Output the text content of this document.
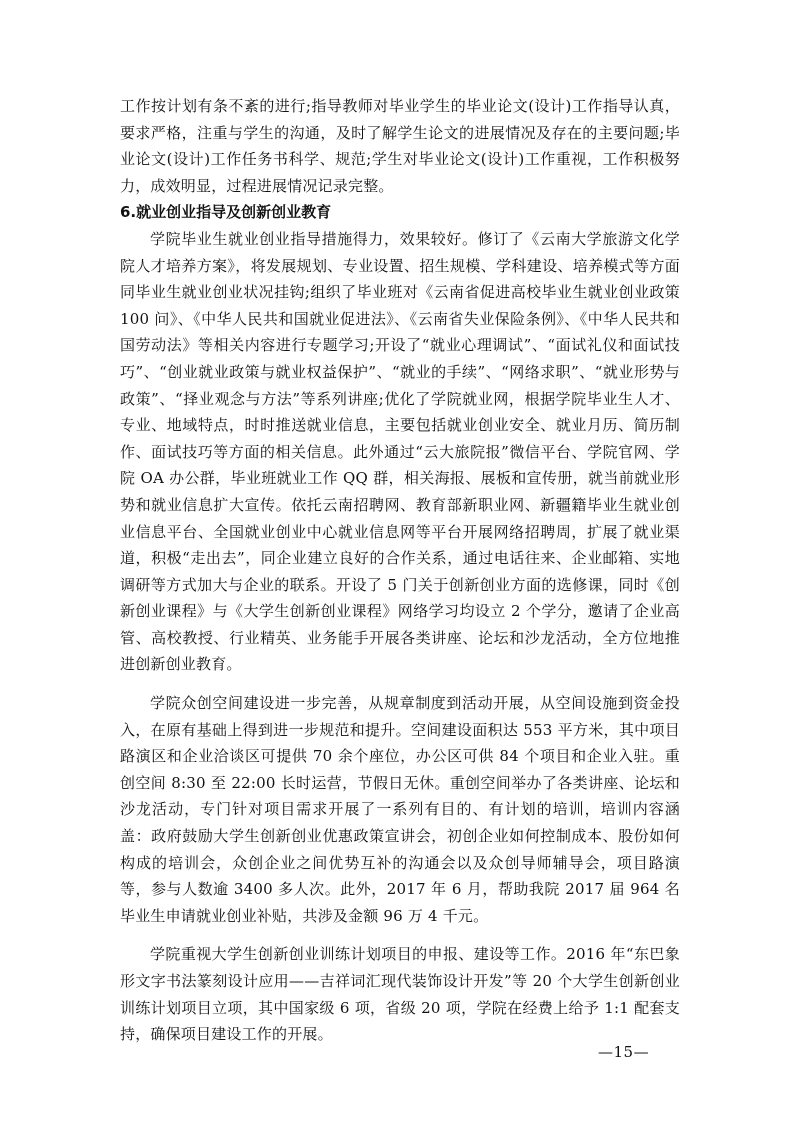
工作按计划有条不紊的进行;指导教师对毕业学生的毕业论文(设计)工作指导认真，要求严格，注重与学生的沟通，及时了解学生论文的进展情况及存在的主要问题;毕业论文(设计)工作任务书科学、规范;学生对毕业论文(设计)工作重视，工作积极努力，成效明显，过程进展情况记录完整。

6.就业创业指导及创新创业教育

学院毕业生就业创业指导措施得力，效果较好。修订了《云南大学旅游文化学院人才培养方案》，将发展规划、专业设置、招生规模、学科建设、培养模式等方面同毕业生就业创业状况挂钩;组织了毕业班对《云南省促进高校毕业生就业创业政策 100 问》、《中华人民共和国就业促进法》、《云南省失业保险条例》、《中华人民共和国劳动法》等相关内容进行专题学习;开设了“就业心理调试”、“面试礼仪和面试技巧”、“创业就业政策与就业权益保护”、“就业的手续”、“网络求职”、“就业形势与政策”、“择业观念与方法”等系列讲座;优化了学院就业网，根据学院毕业生人才、专业、地域特点，时时推送就业信息，主要包括就业创业安全、就业月历、简历制作、面试技巧等方面的相关信息。此外通过“云大旅院报”微信平台、学院官网、学院 OA 办公群，毕业班就业工作 QQ 群，相关海报、展板和宣传册，就当前就业形势和就业信息扩大宣传。依托云南招聘网、教育部新职业网、新疆籍毕业生就业创业信息平台、全国就业创业中心就业信息网等平台开展网络招聘周，扩展了就业渠道，积极“走出去”，同企业建立良好的合作关系，通过电话往来、企业邮箱、实地调研等方式加大与企业的联系。开设了 5 门关于创新创业方面的选修课，同时《创新创业课程》与《大学生创新创业课程》网络学习均设立 2 个学分，邀请了企业高管、高校教授、行业精英、业务能手开展各类讲座、论坛和沙龙活动，全方位地推进创新创业教育。

学院众创空间建设进一步完善，从规章制度到活动开展，从空间设施到资金投入，在原有基础上得到进一步规范和提升。空间建设面积达 553 平方米，其中项目路演区和企业洽谈区可提供 70 余个座位，办公区可供 84 个项目和企业入驻。重创空间 8:30 至 22:00 长时运营，节假日无休。重创空间举办了各类讲座、论坛和沙龙活动，专门针对项目需求开展了一系列有目的、有计划的培训，培训内容涵盖：政府鼓励大学生创新创业优惠政策宣讲会，初创企业如何控制成本、股份如何构成的培训会，众创企业之间优势互补的沟通会以及众创导师辅导会，项目路演等，参与人数逾 3400 多人次。此外，2017 年 6 月，帮助我院 2017 届 964 名毕业生申请就业创业补贴，共涉及金额 96 万 4 千元。

学院重视大学生创新创业训练计划项目的申报、建设等工作。2016 年“东巴象形文字书法篆刻设计应用——吉祥词汇现代装饰设计开发”等 20 个大学生创新创业训练计划项目立项，其中国家级 6 项，省级 20 项，学院在经费上给予 1:1 配套支持，确保项目建设工作的开展。

—15—
